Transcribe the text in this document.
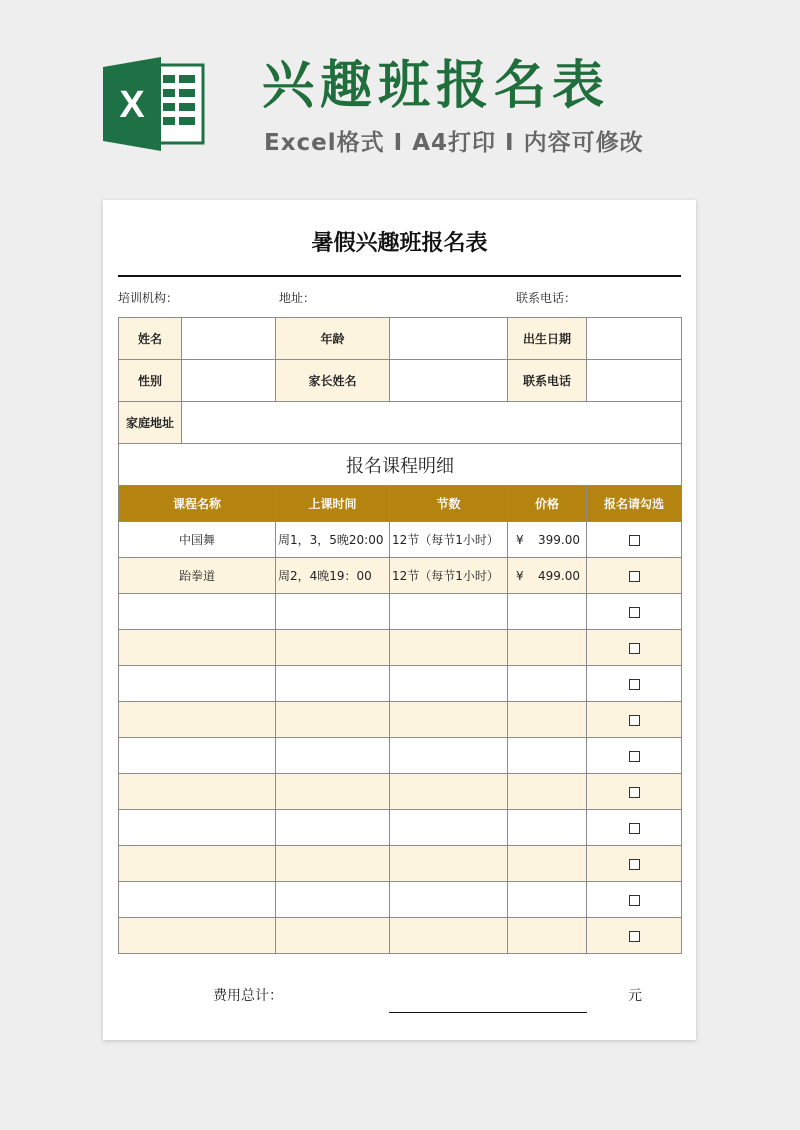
X 兴趣班报名表
Excel格式 I A4打印 I 内容可修改
暑假兴趣班报名表
培训机构：	地址：	联系电话：
姓名		年龄		出生日期	
性别		家长姓名		联系电话	
家庭地址					
报名课程明细					
课程名称		上课时间	节数	价格	报名请勾选
中国舞		周1，3，5晚20:00	12节（每节1小时）	¥ 399.00	

跆拳道		周2，4晚19：00	12节（每节1小时）	¥ 499.00	

费用总计：	元
